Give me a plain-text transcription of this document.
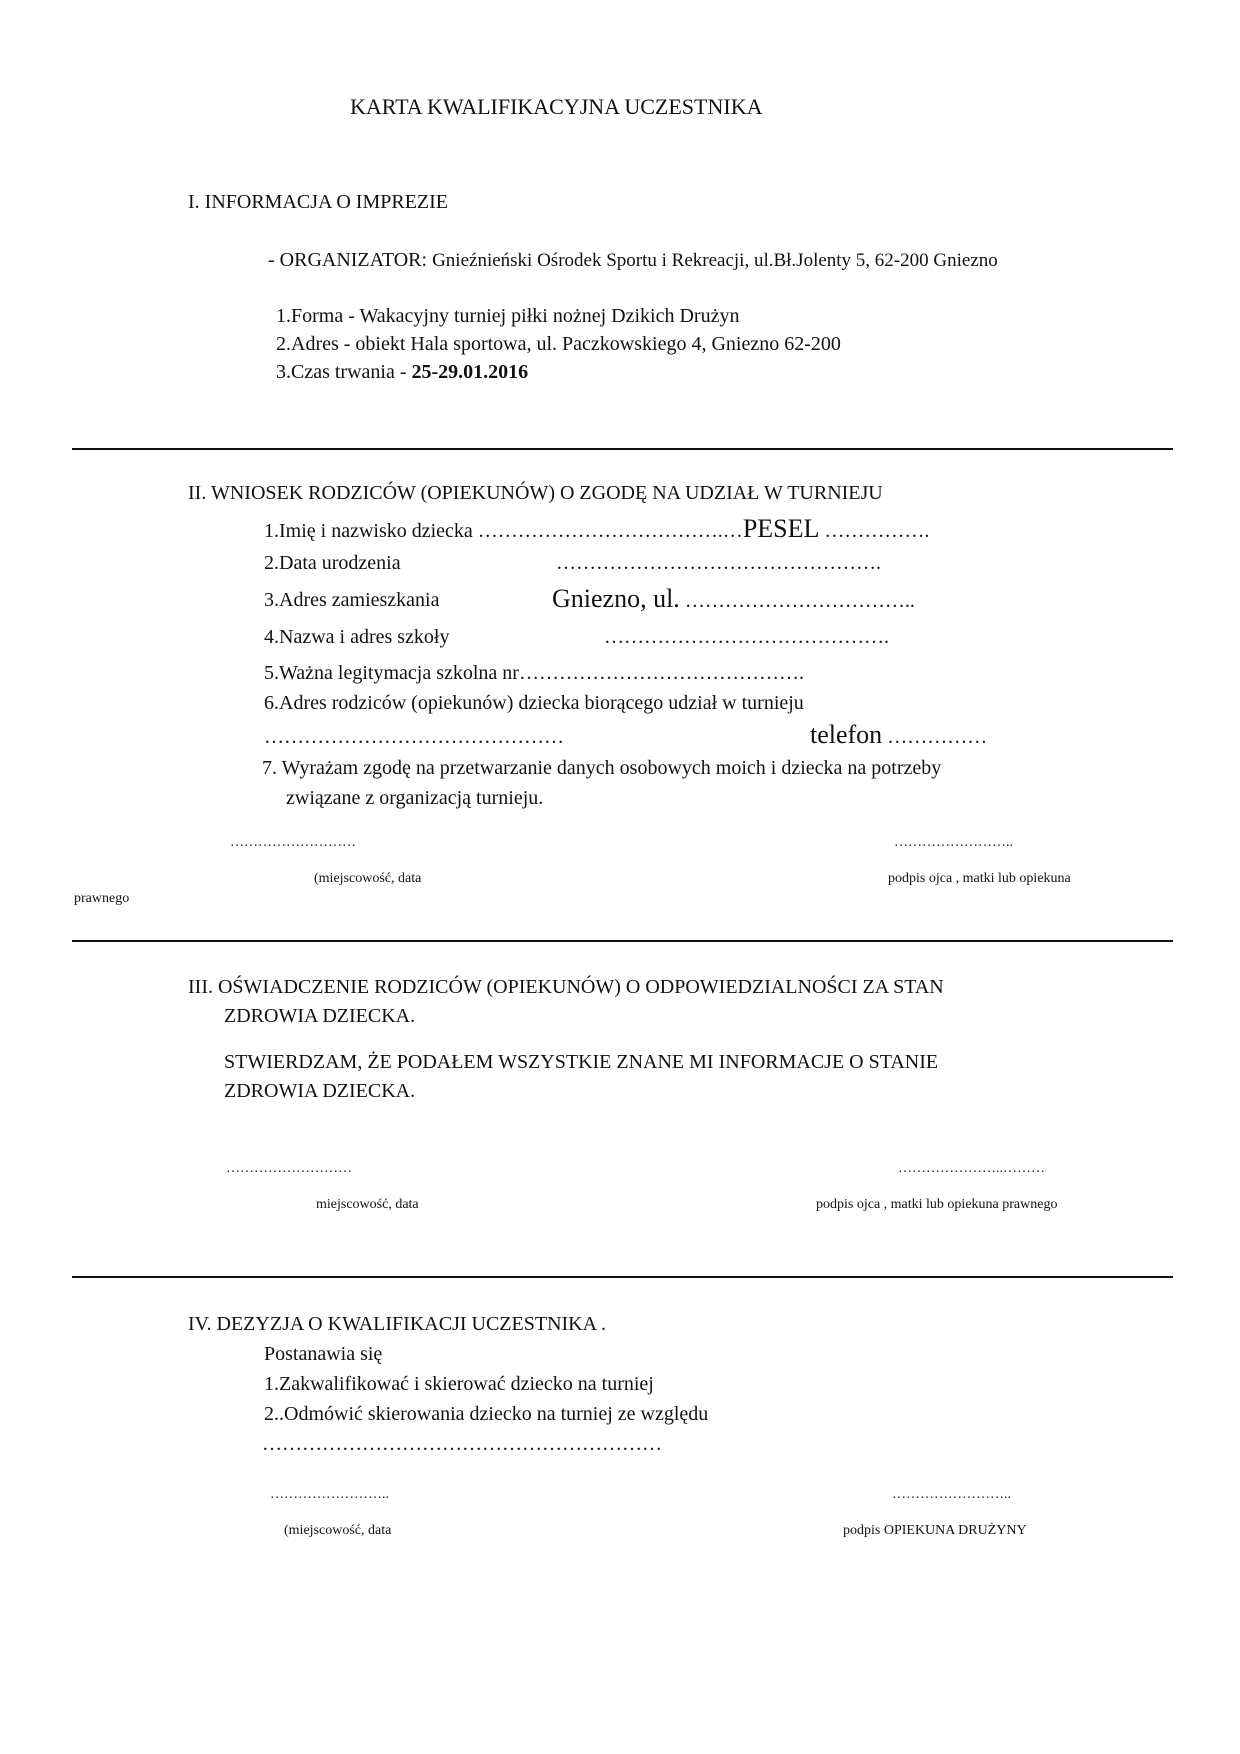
KARTA KWALIFIKACYJNA UCZESTNIKA
I. INFORMACJA O IMPREZIE
- ORGANIZATOR: Gnieźnieński Ośrodek Sportu i Rekreacji, ul.Bł.Jolenty 5, 62-200 Gniezno
1.Forma - Wakacyjny turniej piłki nożnej Dzikich Drużyn
2.Adres - obiekt Hala sportowa, ul. Paczkowskiego 4, Gniezno 62-200
3.Czas trwania - 25-29.01.2016
II. WNIOSEK RODZICÓW (OPIEKUNÓW) O ZGODĘ NA UDZIAŁ W TURNIEJU
1.Imię i nazwisko dziecka ……………………………….…PESEL …………….
2.Data urodzenia	………………………………………….
3.Adres zamieszkania	Gniezno, ul. ……………………………..
4.Nazwa i adres szkoły	…………………………………….
5.Ważna legitymacja szkolna nr…………………………………….
6.Adres rodziców (opiekunów) dziecka biorącego udział w turnieju
………………………………………	telefon ……………
7. Wyrażam zgodę na przetwarzanie danych osobowych moich i dziecka na potrzeby
związane z organizacją turnieju.
………………………	……………………..
(miejscowość, data	podpis ojca , matki lub opiekuna
prawnego
III. OŚWIADCZENIE RODZICÓW (OPIEKUNÓW) O ODPOWIEDZIALNOŚCI ZA STAN
ZDROWIA DZIECKA.
STWIERDZAM, ŻE PODAŁEM WSZYSTKIE ZNANE MI INFORMACJE O STANIE
ZDROWIA DZIECKA.
………………………	…………………..………
miejscowość, data	podpis ojca , matki lub opiekuna prawnego
IV. DEZYZJA O KWALIFIKACJI UCZESTNIKA .
Postanawia się
1.Zakwalifikować i skierować dziecko na turniej
2..Odmówić skierowania dziecko na turniej ze względu
……………………………………………………
……………………..	……………………..
(miejscowość, data	podpis OPIEKUNA DRUŻYNY
